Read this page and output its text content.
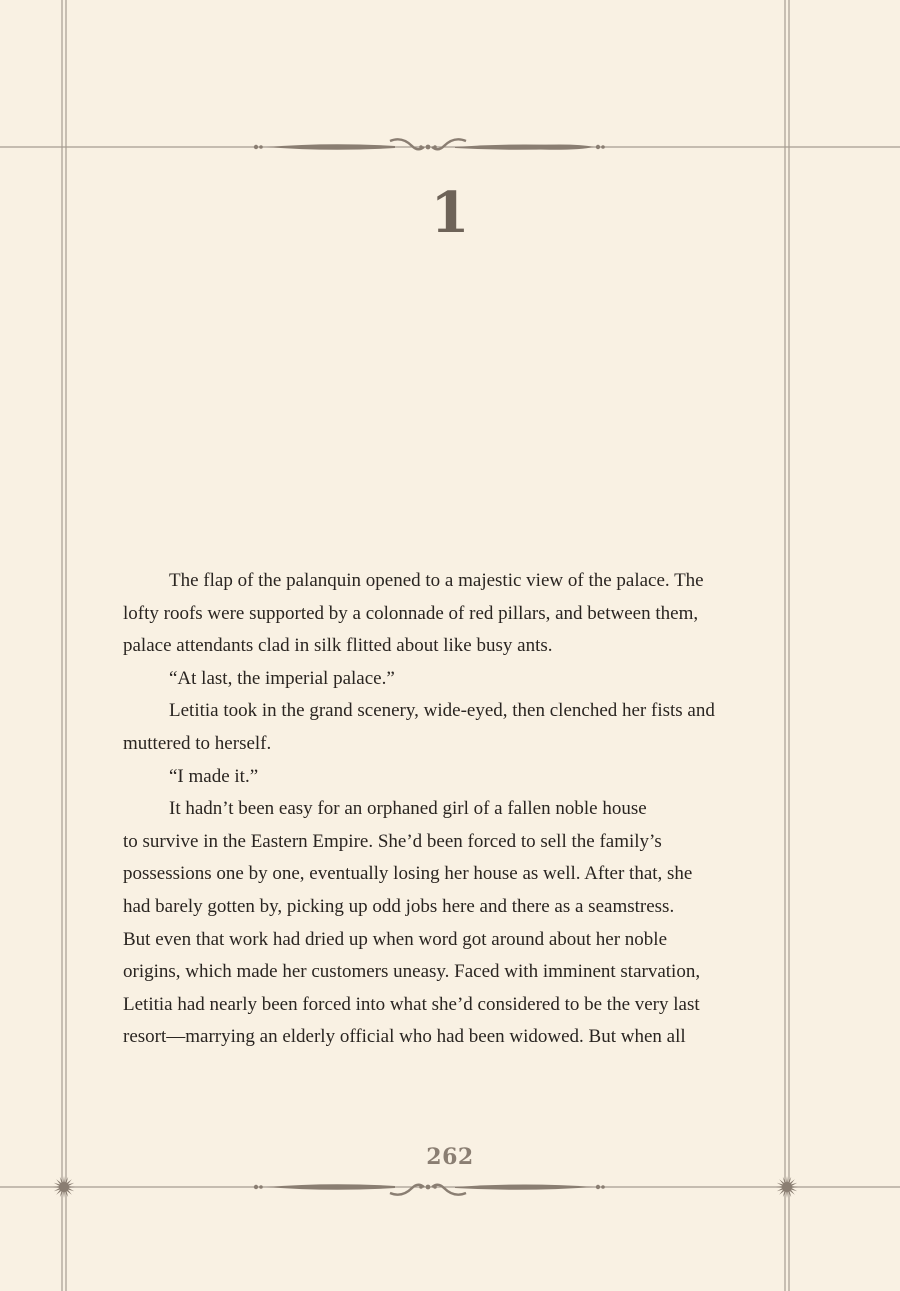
1
The flap of the palanquin opened to a majestic view of the palace. The
lofty roofs were supported by a colonnade of red pillars, and between them,
palace attendants clad in silk flitted about like busy ants.
“At last, the imperial palace.”
Letitia took in the grand scenery, wide-eyed, then clenched her fists and
muttered to herself.
“I made it.”
It hadn’t been easy for an orphaned girl of a fallen noble house
to survive in the Eastern Empire. She’d been forced to sell the family’s
possessions one by one, eventually losing her house as well. After that, she
had barely gotten by, picking up odd jobs here and there as a seamstress.
But even that work had dried up when word got around about her noble
origins, which made her customers uneasy. Faced with imminent starvation,
Letitia had nearly been forced into what she’d considered to be the very last
resort—marrying an elderly official who had been widowed. But when all
262
